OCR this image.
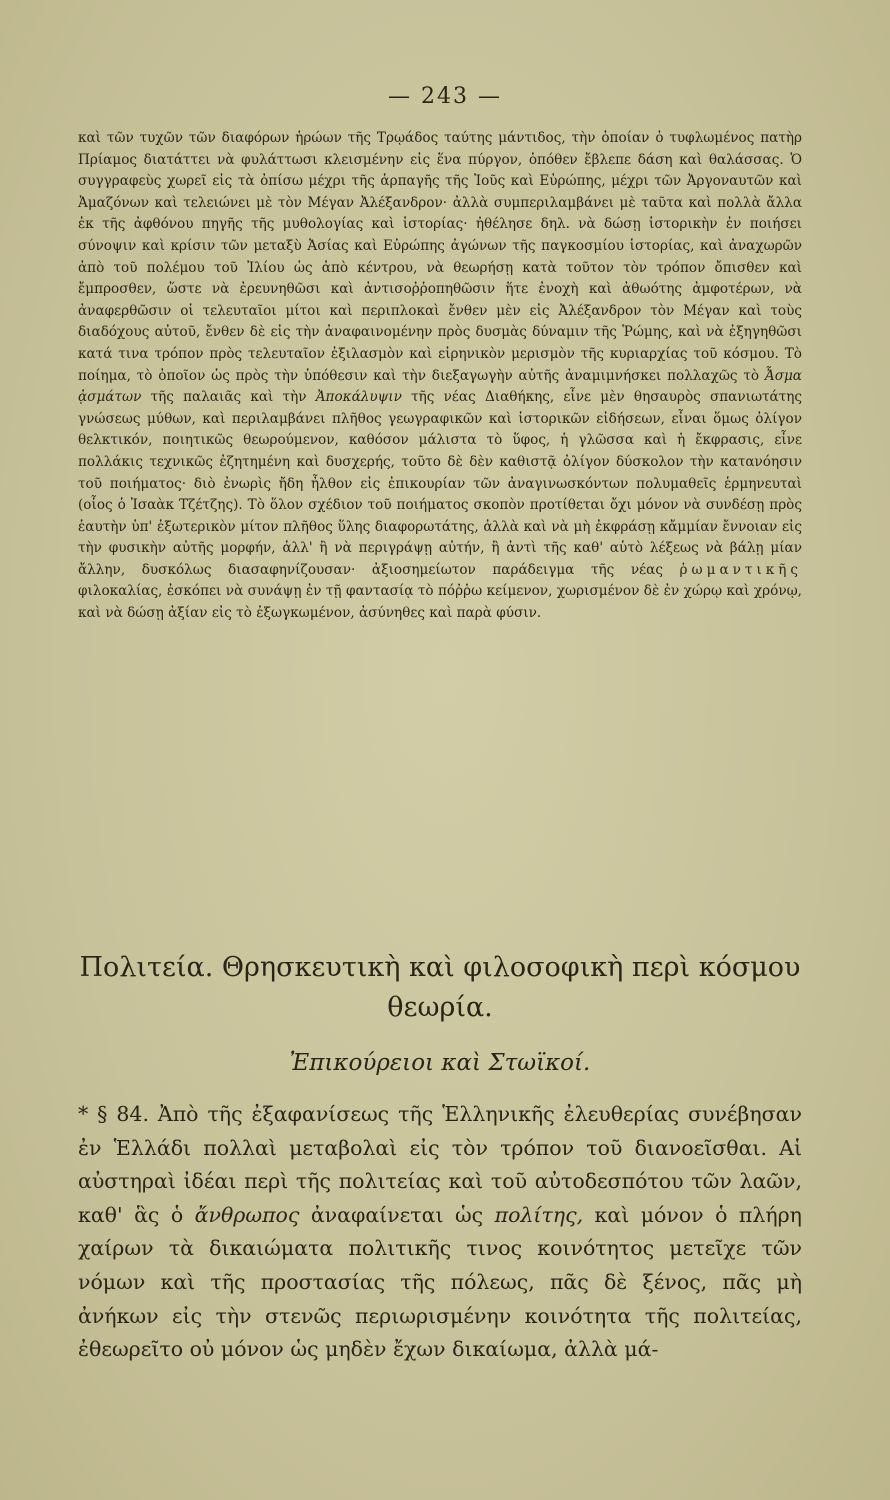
— 243 —

καὶ τῶν τυχῶν τῶν διαφόρων ἡρώων τῆς Τρῳάδος ταύτης μάντιδος, τὴν ὁποίαν ὁ τυφλωμένος πατὴρ Πρίαμος διατάττει νὰ φυλάττωσι κλεισμένην εἰς ἕνα πύργον, ὁπόθεν ἔβλεπε δάση καὶ θαλάσσας. Ὁ συγγραφεὺς χωρεῖ εἰς τὰ ὀπίσω μέχρι τῆς ἁρπαγῆς τῆς Ἰοῦς καὶ Εὐρώπης, μέχρι τῶν Ἀργοναυτῶν καὶ Ἀμαζόνων καὶ τελειώνει μὲ τὸν Μέγαν Ἀλέξανδρον· ἀλλὰ συμπεριλαμβάνει μὲ ταῦτα καὶ πολλὰ ἄλλα ἐκ τῆς ἀφθόνου πηγῆς τῆς μυθολογίας καὶ ἱστορίας· ἠθέλησε δηλ. νὰ δώσῃ ἱστορικὴν ἐν ποιήσει σύνοψιν καὶ κρίσιν τῶν μεταξὺ Ἀσίας καὶ Εὐρώπης ἀγώνων τῆς παγκοσμίου ἱστορίας, καὶ ἀναχωρῶν ἀπὸ τοῦ πολέμου τοῦ Ἰλίου ὡς ἀπὸ κέντρου, νὰ θεωρήσῃ κατὰ τοῦτον τὸν τρόπον ὄπισθεν καὶ ἔμπροσθεν, ὥστε νὰ ἐρευνηθῶσι καὶ ἀντισοῤῥοπηθῶσιν ἥτε ἐνοχὴ καὶ ἀθωότης ἀμφοτέρων, νὰ ἀναφερθῶσιν οἱ τελευταῖοι μίτοι καὶ περιπλοκαὶ ἔνθεν μὲν εἰς Ἀλέξανδρον τὸν Μέγαν καὶ τοὺς διαδόχους αὐτοῦ, ἔνθεν δὲ εἰς τὴν ἀναφαινομένην πρὸς δυσμὰς δύναμιν τῆς Ῥώμης, καὶ νὰ ἐξηγηθῶσι κατά τινα τρόπον πρὸς τελευταῖον ἐξιλασμὸν καὶ εἰρηνικὸν μερισμὸν τῆς κυριαρχίας τοῦ κόσμου. Τὸ ποίημα, τὸ ὁποῖον ὡς πρὸς τὴν ὑπόθεσιν καὶ τὴν διεξαγωγὴν αὐτῆς ἀναμιμνήσκει πολλαχῶς τὸ Ἆσμα ᾀσμάτων τῆς παλαιᾶς καὶ τὴν Ἀποκάλυψιν τῆς νέας Διαθήκης, εἶνε μὲν θησαυρὸς σπανιωτάτης γνώσεως μύθων, καὶ περιλαμβάνει πλῆθος γεωγραφικῶν καὶ ἱστορικῶν εἰδήσεων, εἶναι ὅμως ὀλίγον θελκτικόν, ποιητικῶς θεωρούμενον, καθόσον μάλιστα τὸ ὕφος, ἡ γλῶσσα καὶ ἡ ἔκφρασις, εἶνε πολλάκις τεχνικῶς ἐζητημένη καὶ δυσχερής, τοῦτο δὲ δὲν καθιστᾷ ὀλίγον δύσκολον τὴν κατανόησιν τοῦ ποιήματος· διὸ ἐνωρὶς ἤδη ἦλθον εἰς ἐπικουρίαν τῶν ἀναγινωσκόντων πολυμαθεῖς ἑρμηνευταὶ (οἷος ὁ Ἰσαὰκ Τζέτζης). Τὸ ὅλον σχέδιον τοῦ ποιήματος σκοπὸν προτίθεται ὄχι μόνον νὰ συνδέσῃ πρὸς ἑαυτὴν ὑπ' ἐξωτερικὸν μίτον πλῆθος ὕλης διαφορωτάτης, ἀλλὰ καὶ νὰ μὴ ἐκφράσῃ κἄμμίαν ἔννοιαν εἰς τὴν φυσικὴν αὐτῆς μορφήν, ἀλλ' ἢ νὰ περιγράψῃ αὐτήν, ἢ ἀντὶ τῆς καθ' αὑτὸ λέξεως νὰ βάλῃ μίαν ἄλλην, δυσκόλως διασαφηνίζουσαν· ἀξιοσημείωτον παράδειγμα τῆς νέας ῥωμαντικῆς φιλοκαλίας, ἐσκόπει νὰ συνάψῃ ἐν τῇ φαντασίᾳ τὸ πόῤῥω κείμενον, χωρισμένον δὲ ἐν χώρῳ καὶ χρόνῳ, καὶ νὰ δώσῃ ἀξίαν εἰς τὸ ἐξωγκωμένον, ἀσύνηθες καὶ παρὰ φύσιν.

Πολιτεία. Θρησκευτικὴ καὶ φιλοσοφικὴ περὶ κόσμου
θεωρία.
Ἐπικούρειοι καὶ Στωϊκοί.

* § 84. Ἀπὸ τῆς ἐξαφανίσεως τῆς Ἑλληνικῆς ἐλευθερίας συνέβησαν ἐν Ἑλλάδι πολλαὶ μεταβολαὶ εἰς τὸν τρόπον τοῦ διανοεῖσθαι. Αἱ αὐστηραὶ ἰδέαι περὶ τῆς πολιτείας καὶ τοῦ αὐτοδεσπότου τῶν λαῶν, καθ' ἃς ὁ ἄνθρωπος ἀναφαίνεται ὡς πολίτης, καὶ μόνον ὁ πλήρη χαίρων τὰ δικαιώματα πολιτικῆς τινος κοινότητος μετεῖχε τῶν νόμων καὶ τῆς προστασίας τῆς πόλεως, πᾶς δὲ ξένος, πᾶς μὴ ἀνήκων εἰς τὴν στενῶς περιωρισμένην κοινότητα τῆς πολιτείας, ἐθεωρεῖτο οὐ μόνον ὡς μηδὲν ἔχων δικαίωμα, ἀλλὰ μά-
